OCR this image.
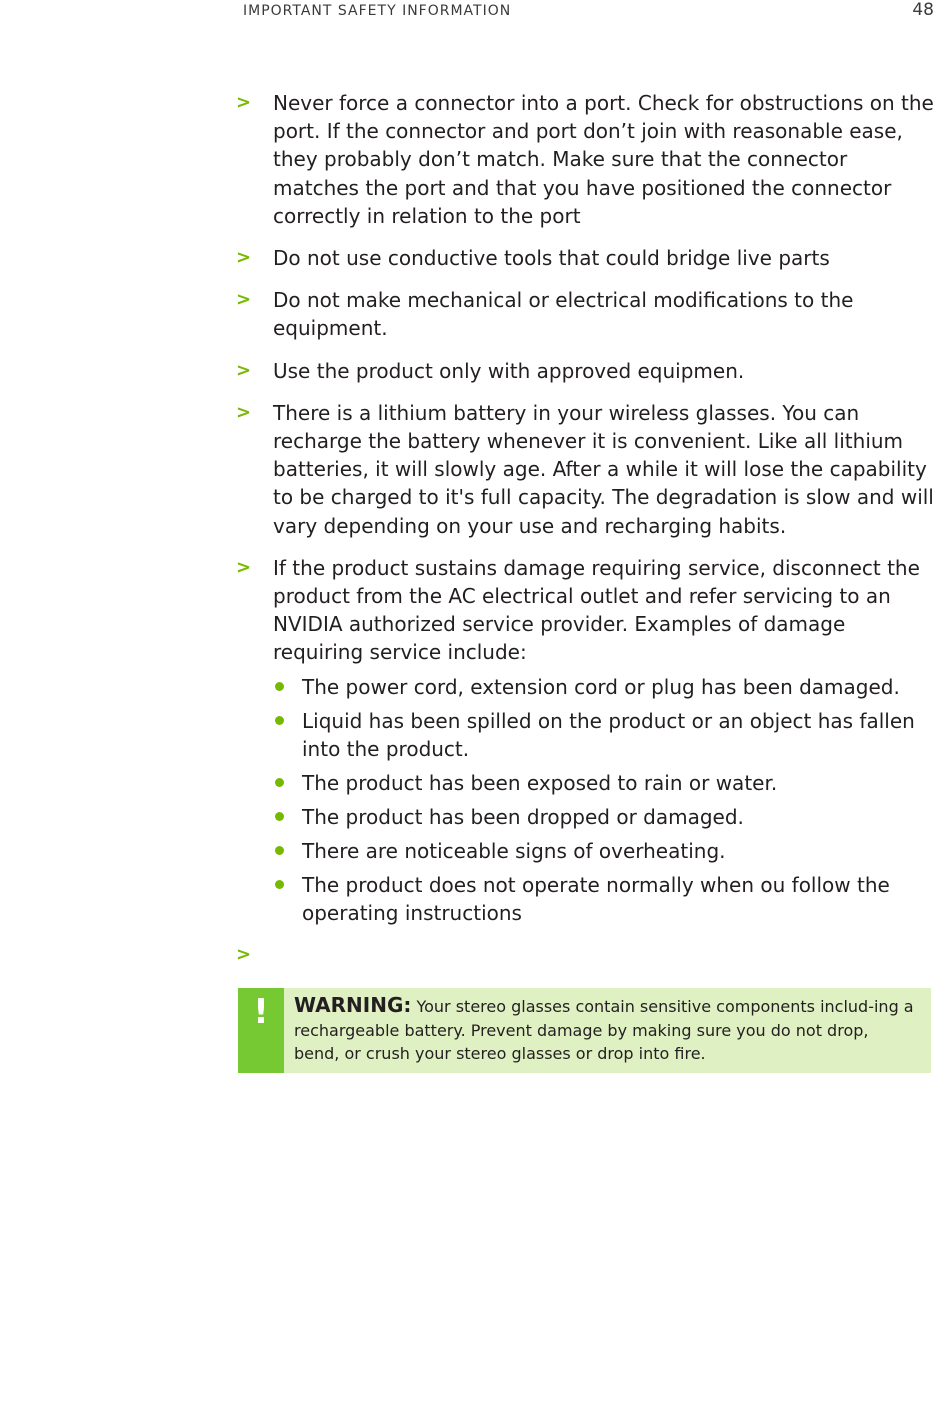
IMPORTANT SAFETY INFORMATION	48
> Never force a connector into a port. Check for obstructions on the port. If the connector and port don’t join with reasonable ease, they probably don’t match. Make sure that the connector matches the port and that you have positioned the connector correctly in relation to the port
> Do not use conductive tools that could bridge live parts
> Do not make mechanical or electrical modifications to the equipment.
> Use the product only with approved equipmen.
> There is a lithium battery in your wireless glasses. You can recharge the battery whenever it is convenient. Like all lithium batteries, it will slowly age. After a while it will lose the capability to be charged to it's full capacity. The degradation is slow and will vary depending on your use and recharging habits.
> If the product sustains damage requiring service, disconnect the product from the AC electrical outlet and refer servicing to an NVIDIA authorized service provider. Examples of damage requiring service include:
The power cord, extension cord or plug has been damaged.
Liquid has been spilled on the product or an object has fallen into the product.
The product has been exposed to rain or water.
The product has been dropped or damaged.
There are noticeable signs of overheating.
The product does not operate normally when ou follow the operating instructions
>

!	WARNING: Your stereo glasses contain sensitive components includ-ing a rechargeable battery. Prevent damage by making sure you do not drop, bend, or crush your stereo glasses or drop into fire.
